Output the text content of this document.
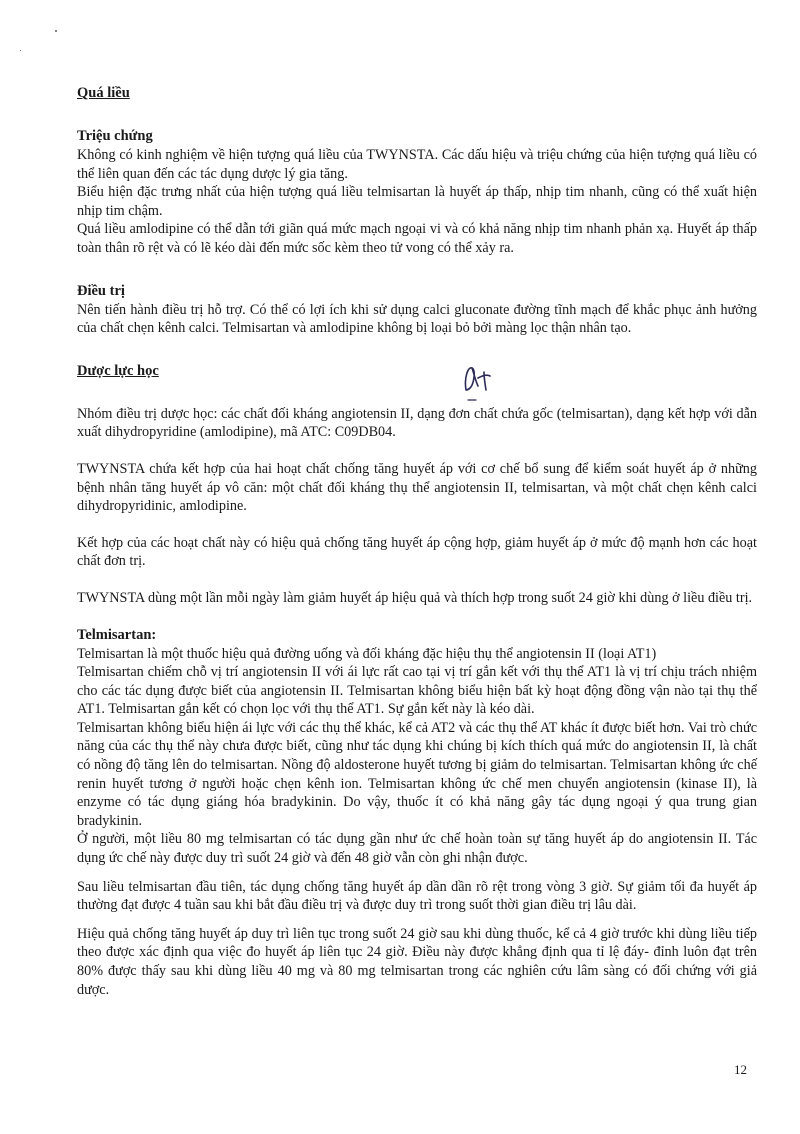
Quá liều
Triệu chứng

Không có kinh nghiệm về hiện tượng quá liều của TWYNSTA. Các dấu hiệu và triệu chứng của hiện tượng quá liều có thể liên quan đến các tác dụng dược lý gia tăng.

Biểu hiện đặc trưng nhất của hiện tượng quá liều telmisartan là huyết áp thấp, nhịp tim nhanh, cũng có thể xuất hiện nhịp tim chậm.

Quá liều amlodipine có thể dẫn tới giãn quá mức mạch ngoại vi và có khả năng nhịp tim nhanh phản xạ. Huyết áp thấp toàn thân rõ rệt và có lẽ kéo dài đến mức sốc kèm theo tử vong có thể xảy ra.

Điều trị

Nên tiến hành điều trị hỗ trợ. Có thể có lợi ích khi sử dụng calci gluconate đường tĩnh mạch để khắc phục ảnh hưởng của chất chẹn kênh calci. Telmisartan và amlodipine không bị loại bỏ bởi màng lọc thận nhân tạo.

Dược lực học

Nhóm điều trị dược học: các chất đối kháng angiotensin II, dạng đơn chất chứa gốc (telmisartan), dạng kết hợp với dẫn xuất dihydropyridine (amlodipine), mã ATC: C09DB04.

TWYNSTA chứa kết hợp của hai hoạt chất chống tăng huyết áp với cơ chế bổ sung để kiểm soát huyết áp ở những bệnh nhân tăng huyết áp vô căn: một chất đối kháng thụ thể angiotensin II, telmisartan, và một chất chẹn kênh calci dihydropyridinic, amlodipine.

Kết hợp của các hoạt chất này có hiệu quả chống tăng huyết áp cộng hợp, giảm huyết áp ở mức độ mạnh hơn các hoạt chất đơn trị.

TWYNSTA dùng một lần mỗi ngày làm giảm huyết áp hiệu quả và thích hợp trong suốt 24 giờ khi dùng ở liều điều trị.

Telmisartan:

Telmisartan là một thuốc hiệu quả đường uống và đối kháng đặc hiệu thụ thể angiotensin II (loại AT1)

Telmisartan chiếm chỗ vị trí angiotensin II với ái lực rất cao tại vị trí gắn kết với thụ thể AT1 là vị trí chịu trách nhiệm cho các tác dụng được biết của angiotensin II. Telmisartan không biểu hiện bất kỳ hoạt động đồng vận nào tại thụ thể AT1. Telmisartan gắn kết có chọn lọc với thụ thể AT1. Sự gắn kết này là kéo dài.

Telmisartan không biểu hiện ái lực với các thụ thể khác, kể cả AT2 và các thụ thể AT khác ít được biết hơn. Vai trò chức năng của các thụ thể này chưa được biết, cũng như tác dụng khi chúng bị kích thích quá mức do angiotensin II, là chất có nồng độ tăng lên do telmisartan. Nồng độ aldosterone huyết tương bị giảm do telmisartan. Telmisartan không ức chế renin huyết tương ở người hoặc chẹn kênh ion. Telmisartan không ức chế men chuyển angiotensin (kinase II), là enzyme có tác dụng giáng hóa bradykinin. Do vậy, thuốc ít có khả năng gây tác dụng ngoại ý qua trung gian bradykinin.

Ở người, một liều 80 mg telmisartan có tác dụng gần như ức chế hoàn toàn sự tăng huyết áp do angiotensin II. Tác dụng ức chế này được duy trì suốt 24 giờ và đến 48 giờ vẫn còn ghi nhận được.

Sau liều telmisartan đầu tiên, tác dụng chống tăng huyết áp dần dần rõ rệt trong vòng 3 giờ. Sự giảm tối đa huyết áp thường đạt được 4 tuần sau khi bắt đầu điều trị và được duy trì trong suốt thời gian điều trị lâu dài.

Hiệu quả chống tăng huyết áp duy trì liên tục trong suốt 24 giờ sau khi dùng thuốc, kể cả 4 giờ trước khi dùng liều tiếp theo được xác định qua việc đo huyết áp liên tục 24 giờ. Điều này được khẳng định qua tỉ lệ đáy- đỉnh luôn đạt trên 80% được thấy sau khi dùng liều 40 mg và 80 mg telmisartan trong các nghiên cứu lâm sàng có đối chứng với giả dược.

12
